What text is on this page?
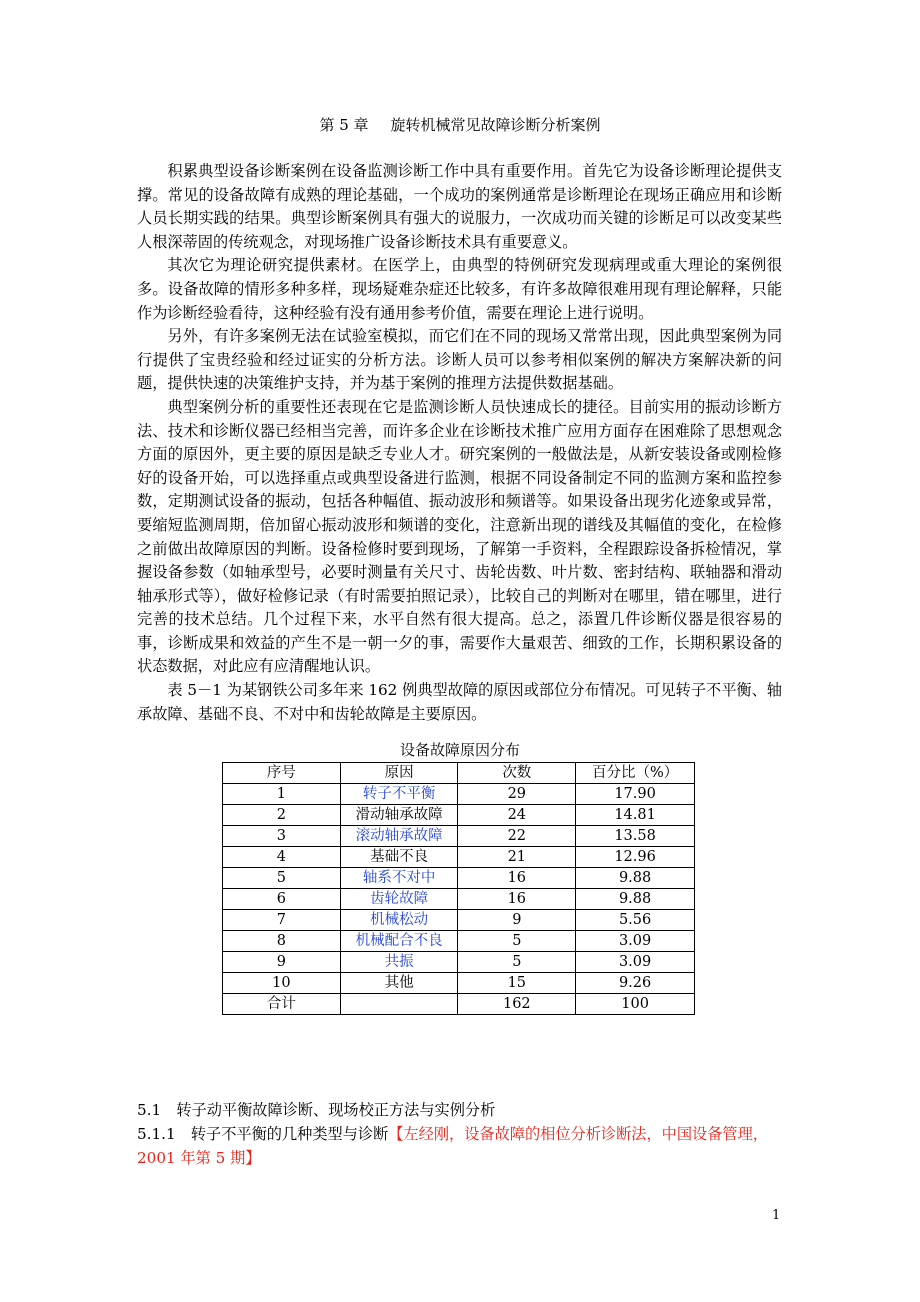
第 5 章 旋转机械常见故障诊断分析案例

积累典型设备诊断案例在设备监测诊断工作中具有重要作用。首先它为设备诊断理论提供支撑。常见的设备故障有成熟的理论基础，一个成功的案例通常是诊断理论在现场正确应用和诊断人员长期实践的结果。典型诊断案例具有强大的说服力，一次成功而关键的诊断足可以改变某些人根深蒂固的传统观念，对现场推广设备诊断技术具有重要意义。

其次它为理论研究提供素材。在医学上，由典型的特例研究发现病理或重大理论的案例很多。设备故障的情形多种多样，现场疑难杂症还比较多，有许多故障很难用现有理论解释，只能作为诊断经验看待，这种经验有没有通用参考价值，需要在理论上进行说明。

另外，有许多案例无法在试验室模拟，而它们在不同的现场又常常出现，因此典型案例为同行提供了宝贵经验和经过证实的分析方法。诊断人员可以参考相似案例的解决方案解决新的问题，提供快速的决策维护支持，并为基于案例的推理方法提供数据基础。

典型案例分析的重要性还表现在它是监测诊断人员快速成长的捷径。目前实用的振动诊断方法、技术和诊断仪器已经相当完善，而许多企业在诊断技术推广应用方面存在困难除了思想观念方面的原因外，更主要的原因是缺乏专业人才。研究案例的一般做法是，从新安装设备或刚检修好的设备开始，可以选择重点或典型设备进行监测，根据不同设备制定不同的监测方案和监控参数，定期测试设备的振动，包括各种幅值、振动波形和频谱等。如果设备出现劣化迹象或异常，要缩短监测周期，倍加留心振动波形和频谱的变化，注意新出现的谱线及其幅值的变化，在检修之前做出故障原因的判断。设备检修时要到现场，了解第一手资料，全程跟踪设备拆检情况，掌握设备参数（如轴承型号，必要时测量有关尺寸、齿轮齿数、叶片数、密封结构、联轴器和滑动轴承形式等），做好检修记录（有时需要拍照记录），比较自己的判断对在哪里，错在哪里，进行完善的技术总结。几个过程下来，水平自然有很大提高。总之，添置几件诊断仪器是很容易的事，诊断成果和效益的产生不是一朝一夕的事，需要作大量艰苦、细致的工作，长期积累设备的状态数据，对此应有应清醒地认识。

表 5－1 为某钢铁公司多年来 162 例典型故障的原因或部位分布情况。可见转子不平衡、轴承故障、基础不良、不对中和齿轮故障是主要原因。

设备故障原因分布
序号	原因	次数	百分比（%）
1	转子不平衡	29	17.90
2	滑动轴承故障	24	14.81
3	滚动轴承故障	22	13.58
4	基础不良	21	12.96
5	轴系不对中	16	9.88
6	齿轮故障	16	9.88
7	机械松动	9	5.56
8	机械配合不良	5	3.09
9	共振	5	3.09
10	其他	15	9.26
合计		162	100
5.1　转子动平衡故障诊断、现场校正方法与实例分析
5.1.1　转子不平衡的几种类型与诊断【左经刚，设备故障的相位分析诊断法，中国设备管理，2001 年第 5 期】
1
